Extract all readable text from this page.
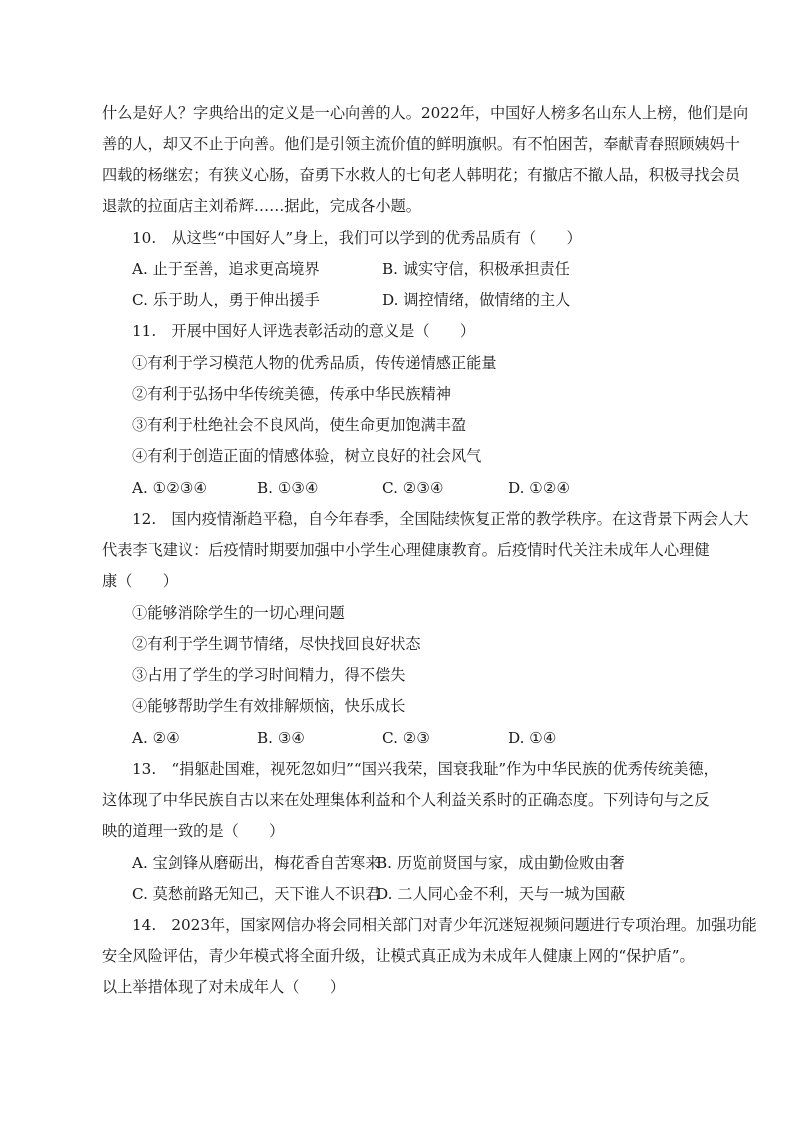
什么是好人？字典给出的定义是一心向善的人。2022年，中国好人榜多名山东人上榜，他们是向
善的人，却又不止于向善。他们是引领主流价值的鲜明旗帜。有不怕困苦，奉献青春照顾姨妈十
四载的杨继宏；有狭义心肠，奋勇下水救人的七旬老人韩明花；有撤店不撤人品，积极寻找会员
退款的拉面店主刘希辉……据此，完成各小题。
10.　从这些“中国好人”身上，我们可以学到的优秀品质有（　　）
A. 止于至善，追求更高境界	B. 诚实守信，积极承担责任
C. 乐于助人，勇于伸出援手	D. 调控情绪，做情绪的主人
11.　开展中国好人评选表彰活动的意义是（　　）
①有利于学习模范人物的优秀品质，传传递情感正能量
②有利于弘扬中华传统美德，传承中华民族精神
③有利于杜绝社会不良风尚，使生命更加饱满丰盈
④有利于创造正面的情感体验，树立良好的社会风气
A. ①②③④	B. ①③④	C. ②③④	D. ①②④
12.　国内疫情渐趋平稳，自今年春季，全国陆续恢复正常的教学秩序。在这背景下两会人大
代表李飞建议：后疫情时期要加强中小学生心理健康教育。后疫情时代关注未成年人心理健
康（　　）
①能够消除学生的一切心理问题
②有利于学生调节情绪，尽快找回良好状态
③占用了学生的学习时间精力，得不偿失
④能够帮助学生有效排解烦恼，快乐成长
A. ②④	B. ③④	C. ②③	D. ①④
13.　“捐躯赴国难，视死忽如归”“国兴我荣，国衰我耻”作为中华民族的优秀传统美德，
这体现了中华民族自古以来在处理集体利益和个人利益关系时的正确态度。下列诗句与之反
映的道理一致的是（　　）
A. 宝剑锋从磨砺出，梅花香自苦寒来
B. 历览前贤国与家，成由勤俭败由奢
C. 莫愁前路无知己，天下谁人不识君
D. 二人同心金不利，天与一城为国蔽
14.　2023年，国家网信办将会同相关部门对青少年沉迷短视频问题进行专项治理。加强功能
安全风险评估，青少年模式将全面升级，让模式真正成为未成年人健康上网的“保护盾”。
以上举措体现了对未成年人（　　）
